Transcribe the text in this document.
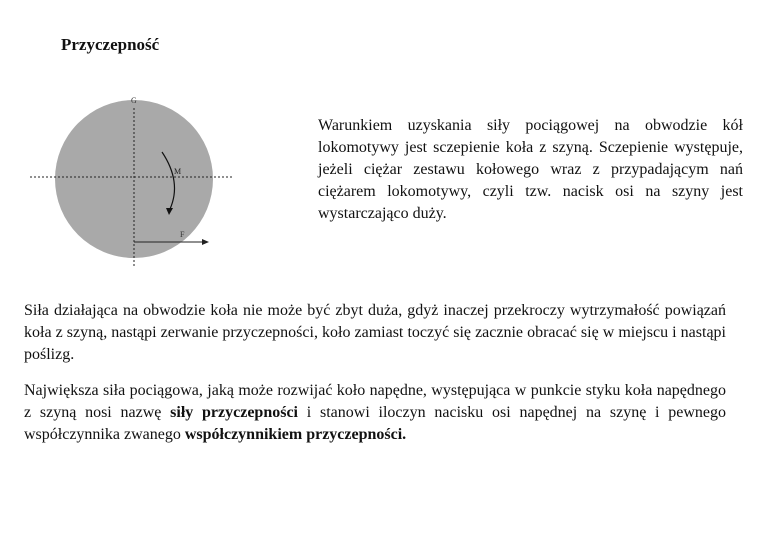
Przyczepność
G
M
F

Warunkiem uzyskania siły pociągowej na obwodzie kół lokomotywy jest sczepienie koła z szyną. Sczepienie występuje, jeżeli ciężar zestawu kołowego wraz z przypadającym nań ciężarem lokomotywy, czyli tzw. nacisk osi na szyny jest wystarczająco duży.

Siła działająca na obwodzie koła nie może być zbyt duża, gdyż inaczej przekroczy wytrzymałość powiązań koła z szyną, nastąpi zerwanie przyczepności, koło zamiast toczyć się zacznie obracać się w miejscu i nastąpi poślizg.

Największa siła pociągowa, jaką może rozwijać koło napędne, występująca w punkcie styku koła napędnego z szyną nosi nazwę siły przyczepności i stanowi iloczyn nacisku osi napędnej na szynę i pewnego współczynnika zwanego współczynnikiem przyczepności.
